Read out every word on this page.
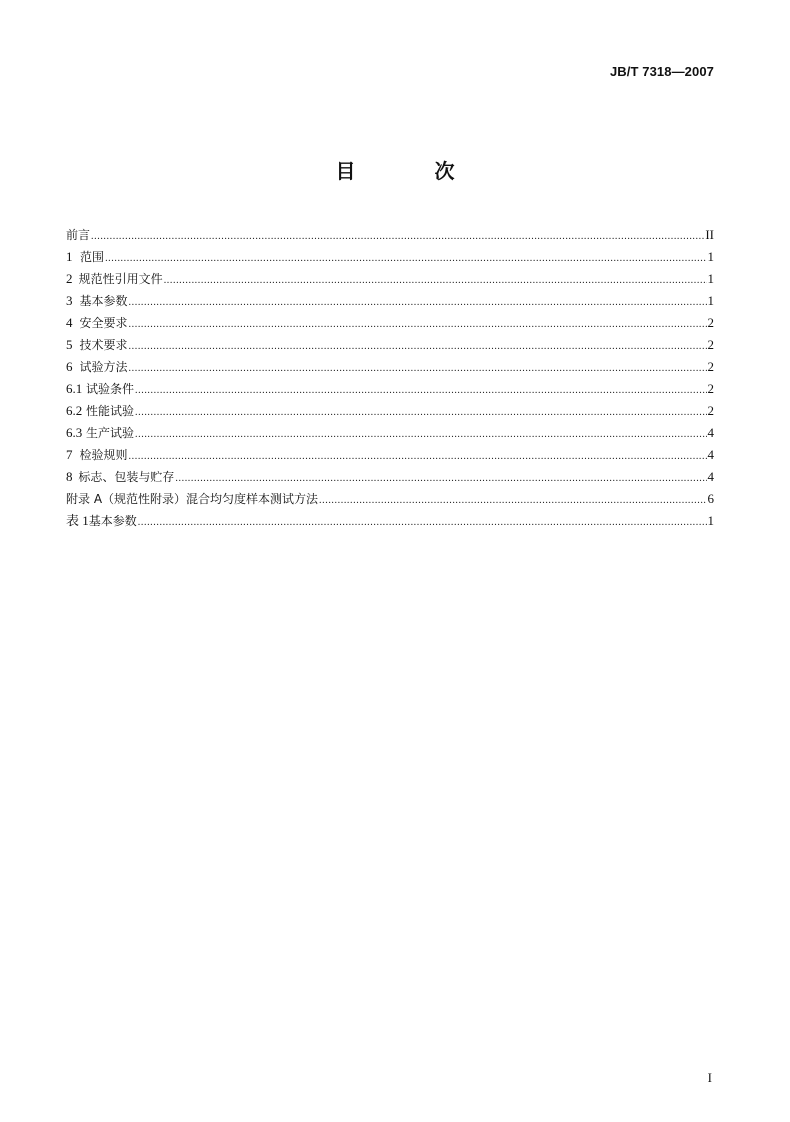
JB/T 7318—2007
目 次
前言 .....	II
1 范围 .....	1
2 规范性引用文件 .....	1
3 基本参数 .....	1
4 安全要求 .....	2
5 技术要求 .....	2
6 试验方法 .....	2
6.1 试验条件 .....	2
6.2 性能试验 .....	2
6.3 生产试验 .....	4
7 检验规则 .....	4
8 标志、包装与贮存 .....	4
附录 A（规范性附录）混合均匀度样本测试方法 .....	6
表 1 基本参数 .....	1
I
